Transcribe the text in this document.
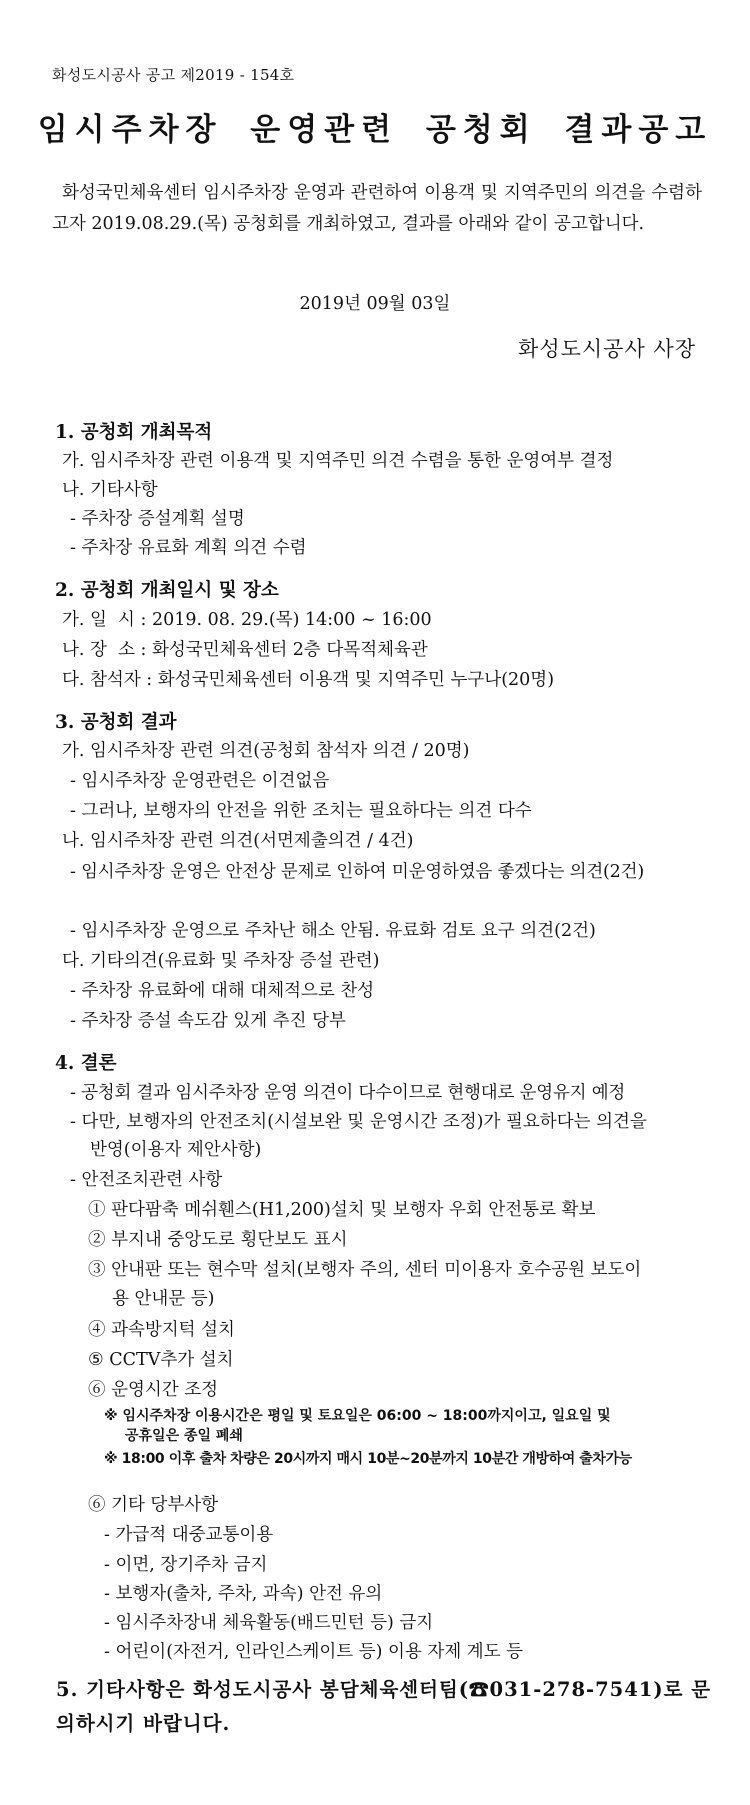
화성도시공사 공고 제2019 - 154호
임시주차장 운영관련 공청회 결과공고
화성국민체육센터 임시주차장 운영과 관련하여 이용객 및 지역주민의 의견을 수렴하고자 2019.08.29.(목) 공청회를 개최하였고, 결과를 아래와 같이 공고합니다.
2019년 09월 03일
화성도시공사 사장
1. 공청회 개최목적
가. 임시주차장 관련 이용객 및 지역주민 의견 수렴을 통한 운영여부 결정
나. 기타사항
- 주차장 증설계획 설명
- 주차장 유료화 계획 의견 수렴
2. 공청회 개최일시 및 장소
가. 일  시 : 2019. 08. 29.(목) 14:00 ~ 16:00
나. 장  소 : 화성국민체육센터 2층 다목적체육관
다. 참석자 : 화성국민체육센터 이용객 및 지역주민 누구나(20명)
3. 공청회 결과
가. 임시주차장 관련 의견(공청회 참석자 의견 / 20명)
- 임시주차장 운영관련은 이견없음
- 그러나, 보행자의 안전을 위한 조치는 필요하다는 의견 다수
나. 임시주차장 관련 의견(서면제출의견 / 4건)
- 임시주차장 운영은 안전상 문제로 인하여 미운영하였음 좋겠다는 의견(2건)
- 임시주차장 운영으로 주차난 해소 안됨. 유료화 검토 요구 의견(2건)
다. 기타의견(유료화 및 주차장 증설 관련)
- 주차장 유료화에 대해 대체적으로 찬성
- 주차장 증설 속도감 있게 추진 당부
4. 결론
- 공청회 결과 임시주차장 운영 의견이 다수이므로 현행대로 운영유지 예정
- 다만, 보행자의 안전조치(시설보완 및 운영시간 조정)가 필요하다는 의견을
반영(이용자 제안사항)
- 안전조치관련 사항
① 판다팜축 메쉬휀스(H1,200)설치 및 보행자 우회 안전통로 확보
② 부지내 중앙도로 횡단보도 표시
③ 안내판 또는 현수막 설치(보행자 주의, 센터 미이용자 호수공원 보도이
용 안내문 등)
④ 과속방지턱 설치
⑤ CCTV추가 설치
⑥ 운영시간 조정
※ 임시주차장 이용시간은 평일 및 토요일은 06:00 ~ 18:00까지이고, 일요일 및
공휴일은 종일 폐쇄
※ 18:00 이후 출차 차량은 20시까지 매시 10분~20분까지 10분간 개방하여 출차가능
⑥ 기타 당부사항
- 가급적 대중교통이용
- 이면, 장기주차 금지
- 보행자(출차, 주차, 과속) 안전 유의
- 임시주차장내 체육활동(배드민턴 등) 금지
- 어린이(자전거, 인라인스케이트 등) 이용 자제 계도 등
5. 기타사항은 화성도시공사 봉담체육센터팀(☎031-278-7541)로 문의하시기 바랍니다.
